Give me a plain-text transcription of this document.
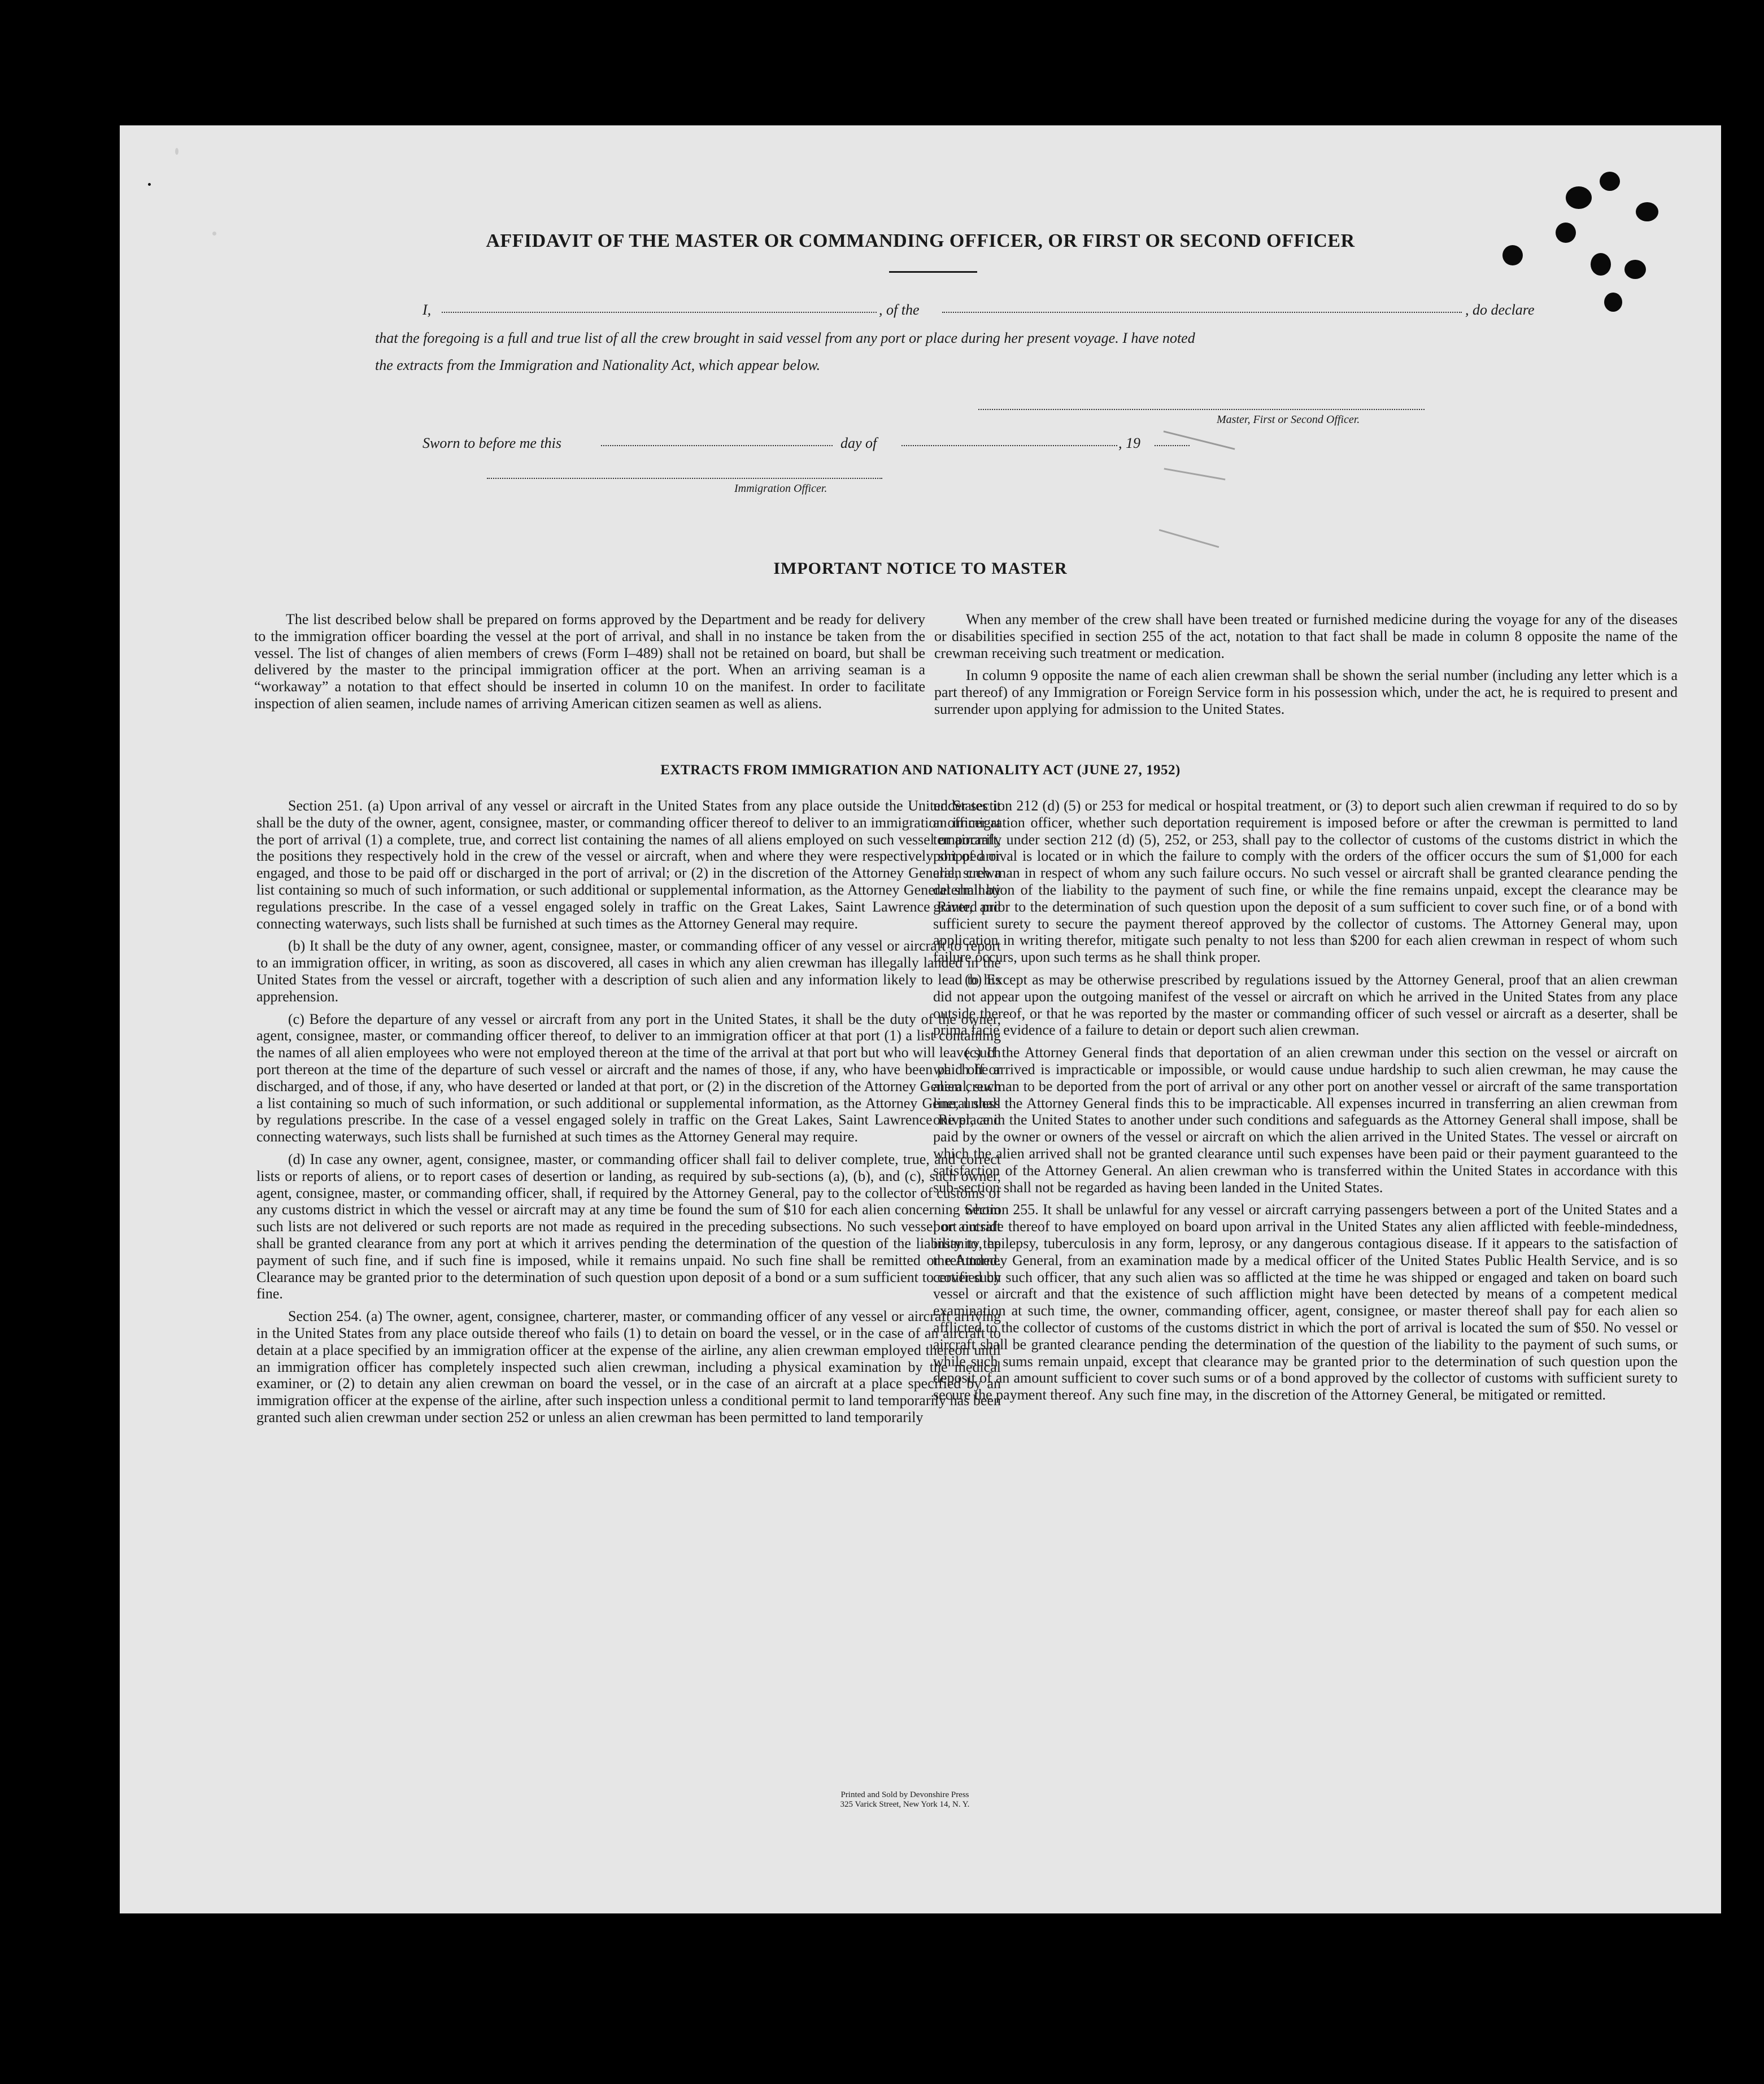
AFFIDAVIT OF THE MASTER OR COMMANDING OFFICER, OR FIRST OR SECOND OFFICER
I,	, of the	, do declare
that the foregoing is a full and true list of all the crew brought in said vessel from any port or place during her present voyage. I have noted
the extracts from the Immigration and Nationality Act, which appear below.
Master, First or Second Officer.
Sworn to before me this	day of	, 19
Immigration Officer.
IMPORTANT NOTICE TO MASTER

The list described below shall be prepared on forms approved by the Department and be ready for delivery to the immigration officer boarding the vessel at the port of arrival, and shall in no instance be taken from the vessel. The list of changes of alien members of crews (Form I–489) shall not be retained on board, but shall be delivered by the master to the principal immigration officer at the port. When an arriving seaman is a “workaway” a notation to that effect should be inserted in column 10 on the manifest. In order to facilitate inspection of alien seamen, include names of arriving American citizen seamen as well as aliens.

When any member of the crew shall have been treated or furnished medicine during the voyage for any of the diseases or disabilities specified in section 255 of the act, notation to that fact shall be made in column 8 opposite the name of the crewman receiving such treatment or medication.

In column 9 opposite the name of each alien crewman shall be shown the serial number (including any letter which is a part thereof) of any Immigration or Foreign Service form in his possession which, under the act, he is required to present and surrender upon applying for admission to the United States.

EXTRACTS FROM IMMIGRATION AND NATIONALITY ACT (JUNE 27, 1952)

Section 251. (a) Upon arrival of any vessel or aircraft in the United States from any place outside the United States it shall be the duty of the owner, agent, consignee, master, or commanding officer thereof to deliver to an immigration officer at the port of arrival (1) a complete, true, and correct list containing the names of all aliens employed on such vessel or aircraft, the positions they respectively hold in the crew of the vessel or aircraft, when and where they were respectively shipped or engaged, and those to be paid off or discharged in the port of arrival; or (2) in the discretion of the Attorney General, such a list containing so much of such information, or such additional or supplemental information, as the Attorney General shall by regulations prescribe. In the case of a vessel engaged solely in traffic on the Great Lakes, Saint Lawrence River, and connecting waterways, such lists shall be furnished at such times as the Attorney General may require.

(b) It shall be the duty of any owner, agent, consignee, master, or commanding officer of any vessel or aircraft to report to an immigration officer, in writing, as soon as discovered, all cases in which any alien crewman has illegally landed in the United States from the vessel or aircraft, together with a description of such alien and any information likely to lead to his apprehension.

(c) Before the departure of any vessel or aircraft from any port in the United States, it shall be the duty of the owner, agent, consignee, master, or commanding officer thereof, to deliver to an immigration officer at that port (1) a list containing the names of all alien employees who were not employed thereon at the time of the arrival at that port but who will leave such port thereon at the time of the departure of such vessel or aircraft and the names of those, if any, who have been paid off or discharged, and of those, if any, who have deserted or landed at that port, or (2) in the discretion of the Attorney General, such a list containing so much of such information, or such additional or supplemental information, as the Attorney General shall by regulations prescribe. In the case of a vessel engaged solely in traffic on the Great Lakes, Saint Lawrence River, and connecting waterways, such lists shall be furnished at such times as the Attorney General may require.

(d) In case any owner, agent, consignee, master, or commanding officer shall fail to deliver complete, true, and correct lists or reports of aliens, or to report cases of desertion or landing, as required by sub-sections (a), (b), and (c), such owner, agent, consignee, master, or commanding officer, shall, if required by the Attorney General, pay to the collector of customs of any customs district in which the vessel or aircraft may at any time be found the sum of $10 for each alien concerning whom such lists are not delivered or such reports are not made as required in the preceding subsections. No such vessel or aircraft shall be granted clearance from any port at which it arrives pending the determination of the question of the liability to the payment of such fine, and if such fine is imposed, while it remains unpaid. No such fine shall be remitted or refunded. Clearance may be granted prior to the determination of such question upon deposit of a bond or a sum sufficient to cover such fine.

Section 254. (a) The owner, agent, consignee, charterer, master, or commanding officer of any vessel or aircraft arriving in the United States from any place outside thereof who fails (1) to detain on board the vessel, or in the case of an aircraft to detain at a place specified by an immigration officer at the expense of the airline, any alien crewman employed thereon until an immigration officer has completely inspected such alien crewman, including a physical examination by the medical examiner, or (2) to detain any alien crewman on board the vessel, or in the case of an aircraft at a place specified by an immigration officer at the expense of the airline, after such inspection unless a conditional permit to land temporarily has been granted such alien crewman under section 252 or unless an alien crewman has been permitted to land temporarily

under section 212 (d) (5) or 253 for medical or hospital treatment, or (3) to deport such alien crewman if required to do so by an immigration officer, whether such deportation requirement is imposed before or after the crewman is permitted to land temporarily under section 212 (d) (5), 252, or 253, shall pay to the collector of customs of the customs district in which the port of arrival is located or in which the failure to comply with the orders of the officer occurs the sum of $1,000 for each alien crewman in respect of whom any such failure occurs. No such vessel or aircraft shall be granted clearance pending the determination of the liability to the payment of such fine, or while the fine remains unpaid, except the clearance may be granted prior to the determination of such question upon the deposit of a sum sufficient to cover such fine, or of a bond with sufficient surety to secure the payment thereof approved by the collector of customs. The Attorney General may, upon application in writing therefor, mitigate such penalty to not less than $200 for each alien crewman in respect of whom such failure occurs, upon such terms as he shall think proper.

(b) Except as may be otherwise prescribed by regulations issued by the Attorney General, proof that an alien crewman did not appear upon the outgoing manifest of the vessel or aircraft on which he arrived in the United States from any place outside thereof, or that he was reported by the master or commanding officer of such vessel or aircraft as a deserter, shall be prima facie evidence of a failure to detain or deport such alien crewman.

(c) If the Attorney General finds that deportation of an alien crewman under this section on the vessel or aircraft on which he arrived is impracticable or impossible, or would cause undue hardship to such alien crewman, he may cause the alien crewman to be deported from the port of arrival or any other port on another vessel or aircraft of the same transportation line, unless the Attorney General finds this to be impracticable. All expenses incurred in transferring an alien crewman from one place in the United States to another under such conditions and safeguards as the Attorney General shall impose, shall be paid by the owner or owners of the vessel or aircraft on which the alien arrived in the United States. The vessel or aircraft on which the alien arrived shall not be granted clearance until such expenses have been paid or their payment guaranteed to the satisfaction of the Attorney General. An alien crewman who is transferred within the United States in accordance with this sub-section shall not be regarded as having been landed in the United States.

Section 255. It shall be unlawful for any vessel or aircraft carrying passengers between a port of the United States and a port outside thereof to have employed on board upon arrival in the United States any alien afflicted with feeble-mindedness, insanity, epilepsy, tuberculosis in any form, leprosy, or any dangerous contagious disease. If it appears to the satisfaction of the Attorney General, from an examination made by a medical officer of the United States Public Health Service, and is so certified by such officer, that any such alien was so afflicted at the time he was shipped or engaged and taken on board such vessel or aircraft and that the existence of such affliction might have been detected by means of a competent medical examination at such time, the owner, commanding officer, agent, consignee, or master thereof shall pay for each alien so afflicted to the collector of customs of the customs district in which the port of arrival is located the sum of $50. No vessel or aircraft shall be granted clearance pending the determination of the question of the liability to the payment of such sums, or while such sums remain unpaid, except that clearance may be granted prior to the determination of such question upon the deposit of an amount sufficient to cover such sums or of a bond approved by the collector of customs with sufficient surety to secure the payment thereof. Any such fine may, in the discretion of the Attorney General, be mitigated or remitted.

Printed and Sold by Devonshire Press
325 Varick Street, New York 14, N. Y.
